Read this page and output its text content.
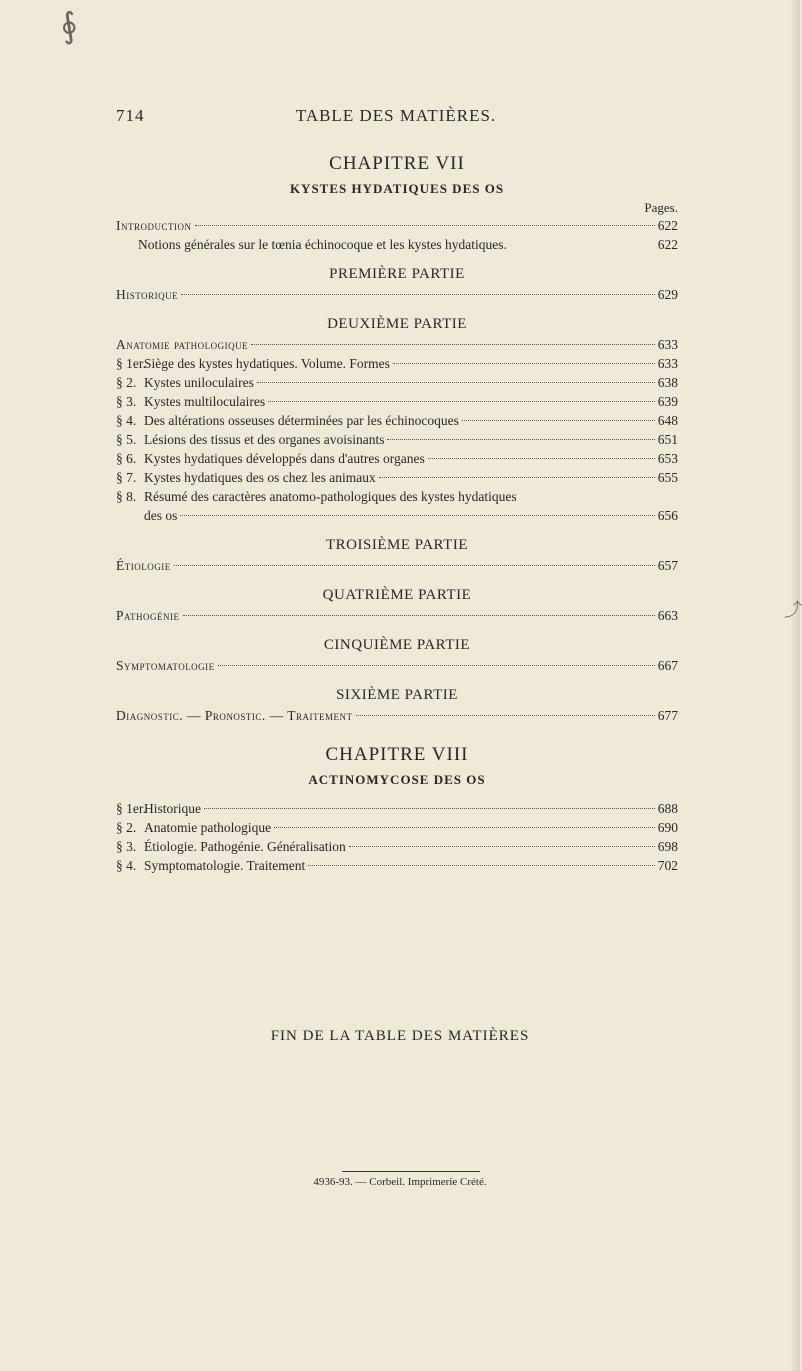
∮
⤴
714	TABLE DES MATIÈRES.
CHAPITRE VII
KYSTES HYDATIQUES DES OS
Pages.
Introduction	622
Notions générales sur le tœnia échinocoque et les kystes hydatiques.	622
PREMIÈRE PARTIE
Historique	629
DEUXIÈME PARTIE
Anatomie pathologique	633
§ 1er.Siège des kystes hydatiques. Volume. Formes	633
§ 2. Kystes uniloculaires	638
§ 3. Kystes multiloculaires	639
§ 4. Des altérations osseuses déterminées par les échinocoques	648
§ 5. Lésions des tissus et des organes avoisinants	651
§ 6. Kystes hydatiques développés dans d'autres organes	653
§ 7. Kystes hydatiques des os chez les animaux	655
§ 8. Résumé des caractères anatomo-pathologiques des kystes hydatiques
des os	656
TROISIÈME PARTIE
Étiologie	657
QUATRIÈME PARTIE
Pathogénie	663
CINQUIÈME PARTIE
Symptomatologie	667
SIXIÈME PARTIE
Diagnostic. — Pronostic. — Traitement	677
CHAPITRE VIII
ACTINOMYCOSE DES OS
§ 1er.Historique	688
§ 2. Anatomie pathologique	690
§ 3. Étiologie. Pathogénie. Généralisation	698
§ 4. Symptomatologie. Traitement	702
FIN DE LA TABLE DES MATIÈRES
4936-93. — Corbeil. Imprimerie Crété.
